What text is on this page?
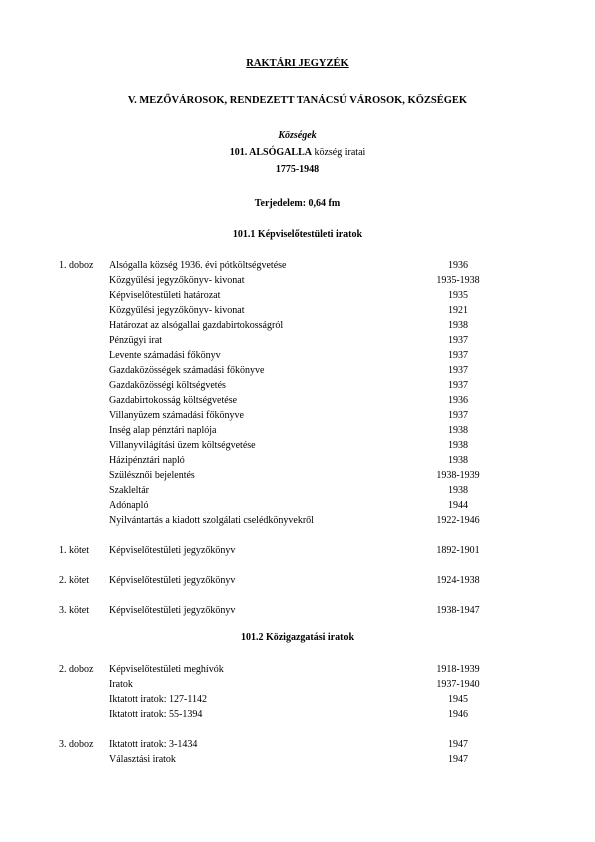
RAKTÁRI JEGYZÉK
V. MEZŐVÁROSOK, RENDEZETT TANÁCSÚ VÁROSOK, KÖZSÉGEK
Községek
101. ALSÓGALLA község iratai
1775-1948
Terjedelem: 0,64 fm
101.1 Képviselőtestületi iratok
101.2 Közigazgatási iratok
1. doboz Alsógalla község 1936. évi pótköltségvetése	1936
Közgyűlési jegyzőkönyv- kivonat	1935-1938
Képviselőtestületi határozat	1935
Közgyűlési jegyzőkönyv- kivonat	1921
Határozat az alsógallai gazdabirtokosságról	1938
Pénzügyi irat	1937
Levente számadási főkönyv	1937
Gazdaközösségek számadási főkönyve	1937
Gazdaközösségi költségvetés	1937
Gazdabirtokosság költségvetése	1936
Villanyüzem számadási főkönyve	1937
Inség alap pénztári naplója	1938
Villanyvilágítási üzem költségvetése	1938
Házipénztári napló	1938
Szülésznői bejelentés	1938-1939
Szakleltár	1938
Adónapló	1944
Nyilvántartás a kiadott szolgálati cselédkönyvekről	1922-1946
1. kötet Képviselőtestületi jegyzőkönyv	1892-1901
2. kötet Képviselőtestületi jegyzőkönyv	1924-1938
3. kötet Képviselőtestületi jegyzőkönyv	1938-1947
2. doboz Képviselőtestületi meghívók	1918-1939
Iratok	1937-1940
Iktatott iratok: 127-1142	1945
Iktatott iratok: 55-1394	1946
3. doboz Iktatott iratok: 3-1434	1947
Választási iratok	1947
